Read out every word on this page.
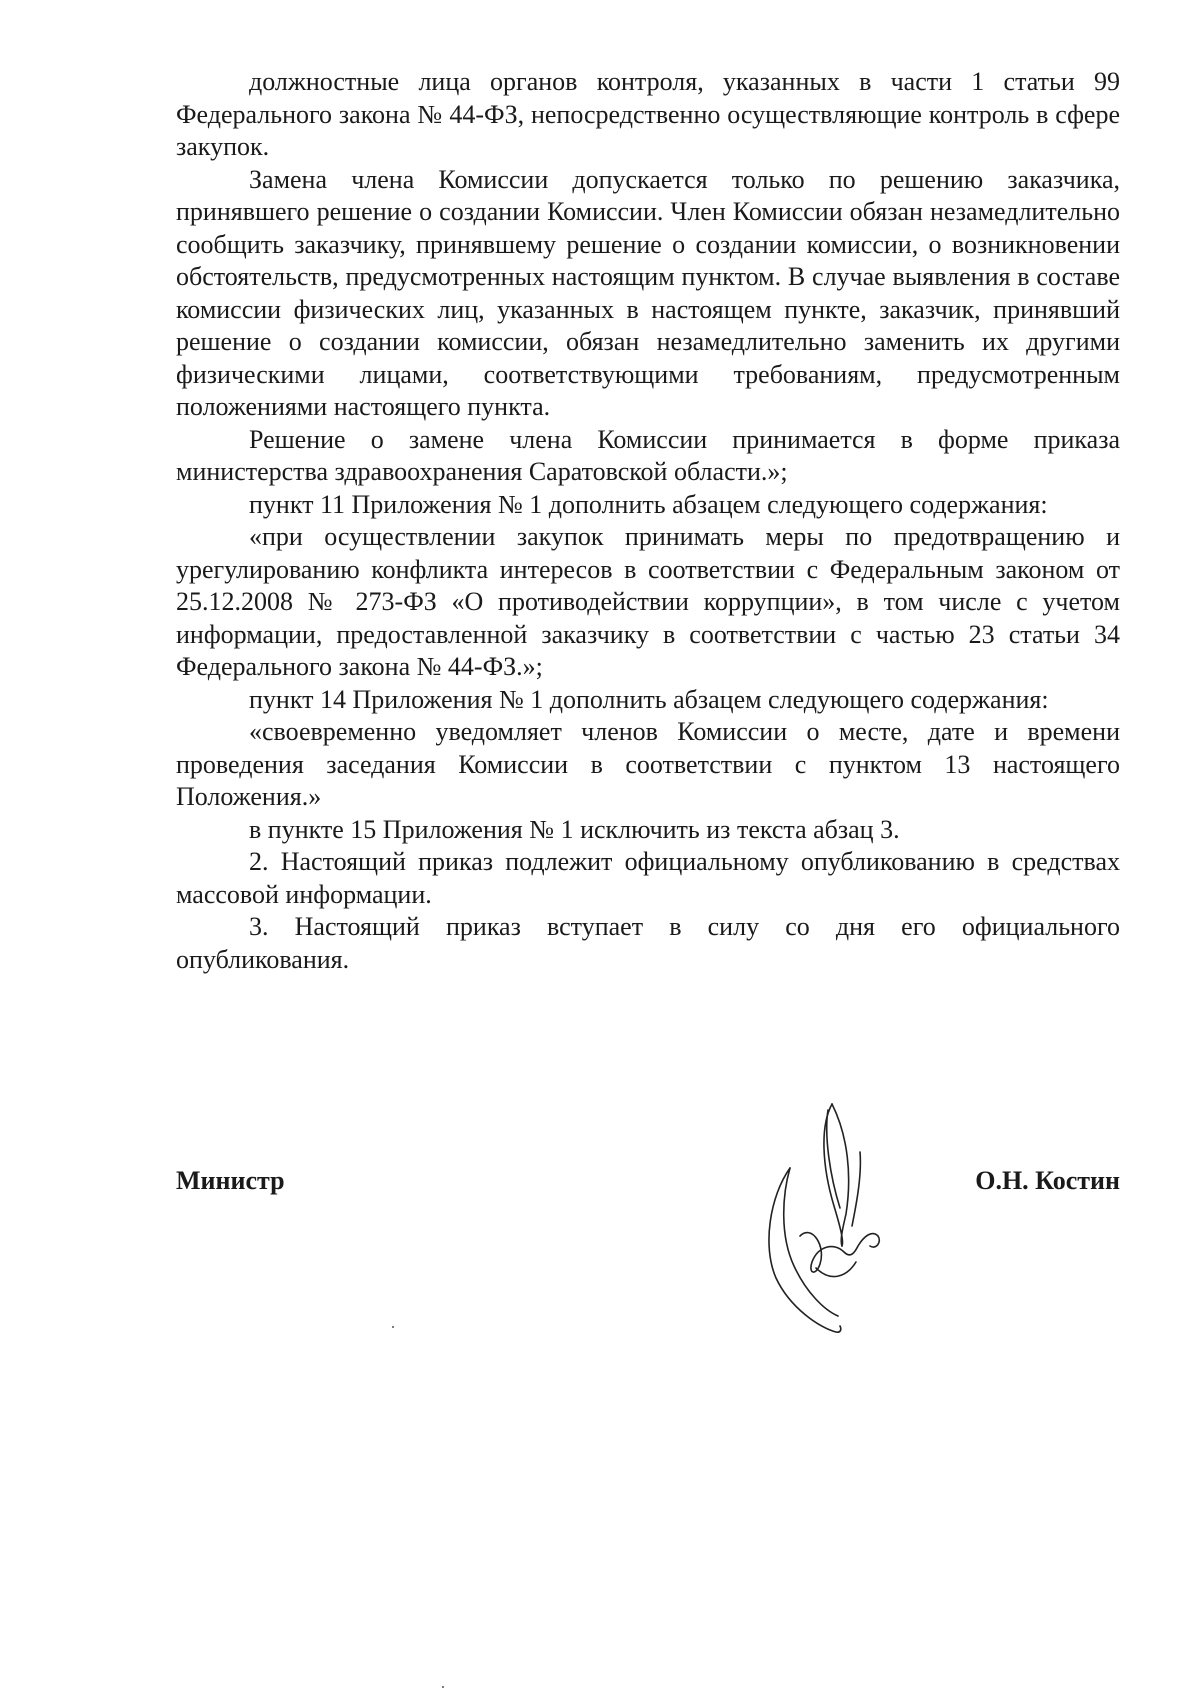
должностные лица органов контроля, указанных в части 1 статьи 99 Федерального закона № 44-ФЗ, непосредственно осуществляющие контроль в сфере закупок.

Замена члена Комиссии допускается только по решению заказчика, принявшего решение о создании Комиссии. Член Комиссии обязан незамедлительно сообщить заказчику, принявшему решение о создании комиссии, о возникновении обстоятельств, предусмотренных настоящим пунктом. В случае выявления в составе комиссии физических лиц, указанных в настоящем пункте, заказчик, принявший решение о создании комиссии, обязан незамедлительно заменить их другими физическими лицами, соответствующими требованиям, предусмотренным положениями настоящего пункта.

Решение о замене члена Комиссии принимается в форме приказа министерства здравоохранения Саратовской области.»;

пункт 11 Приложения № 1 дополнить абзацем следующего содержания:

«при осуществлении закупок принимать меры по предотвращению и урегулированию конфликта интересов в соответствии с Федеральным законом от 25.12.2008 № 273-ФЗ «О противодействии коррупции», в том числе с учетом информации, предоставленной заказчику в соответствии с частью 23 статьи 34 Федерального закона № 44-ФЗ.»;

пункт 14 Приложения № 1 дополнить абзацем следующего содержания:

«своевременно уведомляет членов Комиссии о месте, дате и времени проведения заседания Комиссии в соответствии с пунктом 13 настоящего Положения.»

в пункте 15 Приложения № 1 исключить из текста абзац 3.

2. Настоящий приказ подлежит официальному опубликованию в средствах массовой информации.

3. Настоящий приказ вступает в силу со дня его официального опубликования.

Министр	О.Н. Костин
